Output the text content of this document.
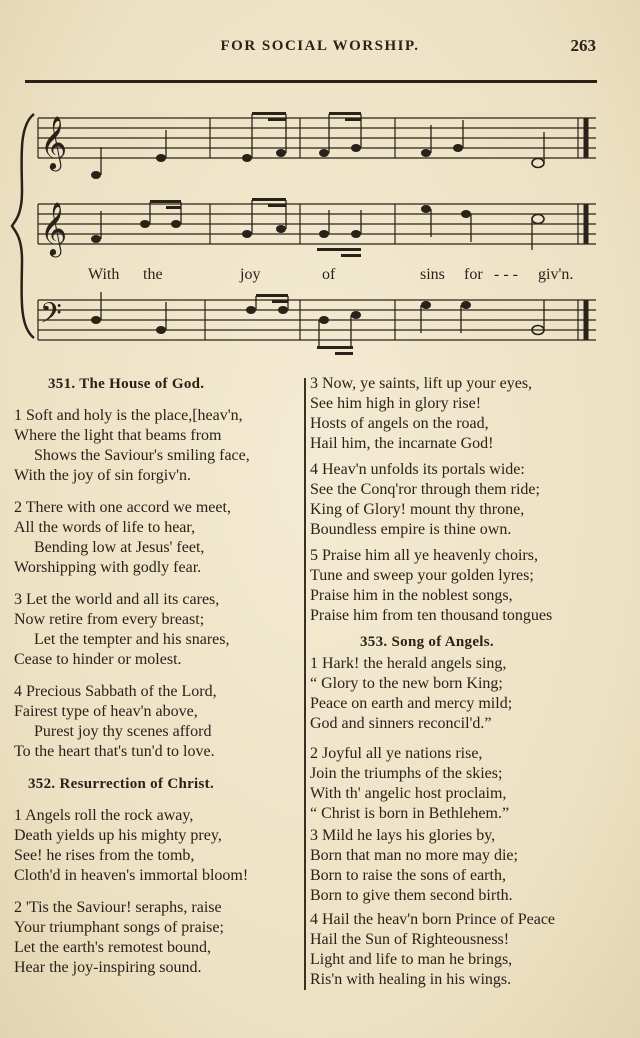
FOR SOCIAL WORSHIP.	263
𝄞
𝄞
With the	joy	of	sins for - - - giv'n.
𝄢
351. The House of God.
1 Soft and holy is the place,[heav'n,
Where the light that beams from
Shows the Saviour's smiling face,
With the joy of sin forgiv'n.
2 There with one accord we meet,
All the words of life to hear,
Bending low at Jesus' feet,
Worshipping with godly fear.
3 Let the world and all its cares,
Now retire from every breast;
Let the tempter and his snares,
Cease to hinder or molest.
4 Precious Sabbath of the Lord,
Fairest type of heav'n above,
Purest joy thy scenes afford
To the heart that's tun'd to love.
352. Resurrection of Christ.
1 Angels roll the rock away,
Death yields up his mighty prey,
See! he rises from the tomb,
Cloth'd in heaven's immortal bloom!
2 'Tis the Saviour! seraphs, raise
Your triumphant songs of praise;
Let the earth's remotest bound,
Hear the joy-inspiring sound.
3 Now, ye saints, lift up your eyes,
See him high in glory rise!
Hosts of angels on the road,
Hail him, the incarnate God!
4 Heav'n unfolds its portals wide:
See the Conq'ror through them ride;
King of Glory! mount thy throne,
Boundless empire is thine own.
5 Praise him all ye heavenly choirs,
Tune and sweep your golden lyres;
Praise him in the noblest songs,
Praise him from ten thousand tongues
353. Song of Angels.
1 Hark! the herald angels sing,
“ Glory to the new born King;
Peace on earth and mercy mild;
God and sinners reconcil'd.”
2 Joyful all ye nations rise,
Join the triumphs of the skies;
With th' angelic host proclaim,
“ Christ is born in Bethlehem.”
3 Mild he lays his glories by,
Born that man no more may die;
Born to raise the sons of earth,
Born to give them second birth.
4 Hail the heav'n born Prince of Peace
Hail the Sun of Righteousness!
Light and life to man he brings,
Ris'n with healing in his wings.
